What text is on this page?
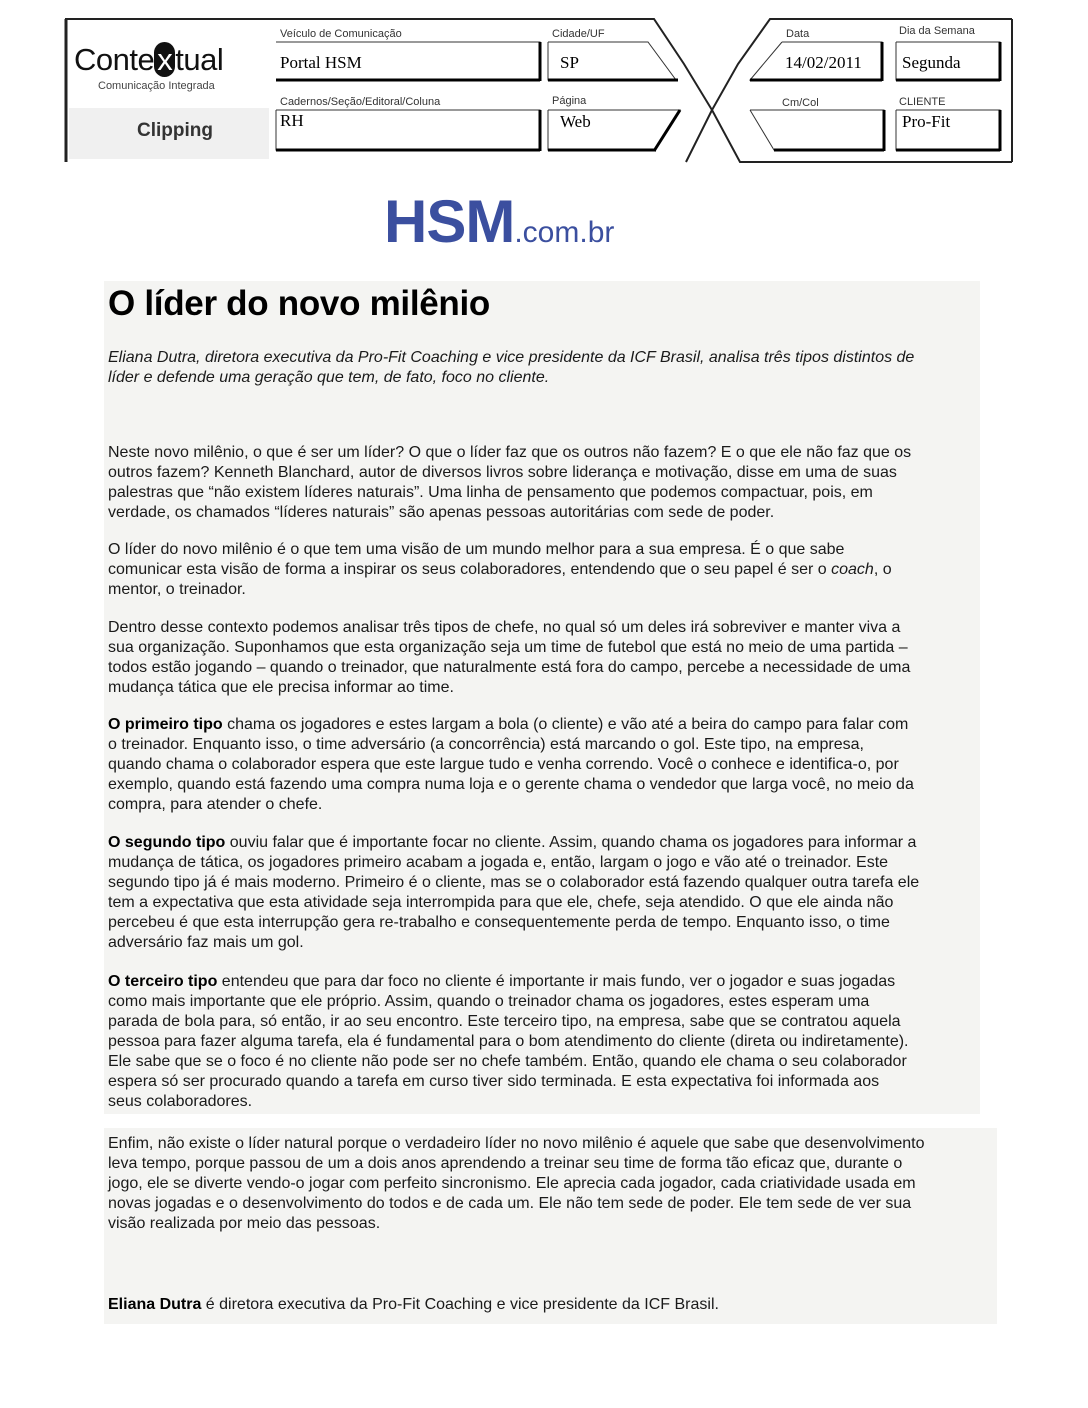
Contextual
Comunicação Integrada
Clipping
Veículo de Comunicação
Portal HSM
Cidade/UF
SP
Data
14/02/2011
Dia da Semana
Segunda
Cadernos/Seção/Editoral/Coluna
RH
Página
Web
Cm/Col	CLIENTE
Pro-Fit
HSM.com.br
O líder do novo milênio
Eliana Dutra, diretora executiva da Pro-Fit Coaching e vice presidente da ICF Brasil, analisa três tipos distintos de
líder e defende uma geração que tem, de fato, foco no cliente.
Neste novo milênio, o que é ser um líder? O que o líder faz que os outros não fazem? E o que ele não faz que os
outros fazem? Kenneth Blanchard, autor de diversos livros sobre liderança e motivação, disse em uma de suas
palestras que “não existem líderes naturais”. Uma linha de pensamento que podemos compactuar, pois, em
verdade, os chamados “líderes naturais” são apenas pessoas autoritárias com sede de poder.
O líder do novo milênio é o que tem uma visão de um mundo melhor para a sua empresa. É o que sabe
comunicar esta visão de forma a inspirar os seus colaboradores, entendendo que o seu papel é ser o coach, o
mentor, o treinador.
Dentro desse contexto podemos analisar três tipos de chefe, no qual só um deles irá sobreviver e manter viva a
sua organização. Suponhamos que esta organização seja um time de futebol que está no meio de uma partida –
todos estão jogando – quando o treinador, que naturalmente está fora do campo, percebe a necessidade de uma
mudança tática que ele precisa informar ao time.
O primeiro tipo chama os jogadores e estes largam a bola (o cliente) e vão até a beira do campo para falar com
o treinador. Enquanto isso, o time adversário (a concorrência) está marcando o gol. Este tipo, na empresa,
quando chama o colaborador espera que este largue tudo e venha correndo. Você o conhece e identifica-o, por
exemplo, quando está fazendo uma compra numa loja e o gerente chama o vendedor que larga você, no meio da
compra, para atender o chefe.
O segundo tipo ouviu falar que é importante focar no cliente. Assim, quando chama os jogadores para informar a
mudança de tática, os jogadores primeiro acabam a jogada e, então, largam o jogo e vão até o treinador. Este
segundo tipo já é mais moderno. Primeiro é o cliente, mas se o colaborador está fazendo qualquer outra tarefa ele
tem a expectativa que esta atividade seja interrompida para que ele, chefe, seja atendido. O que ele ainda não
percebeu é que esta interrupção gera re-trabalho e consequentemente perda de tempo. Enquanto isso, o time
adversário faz mais um gol.
O terceiro tipo entendeu que para dar foco no cliente é importante ir mais fundo, ver o jogador e suas jogadas
como mais importante que ele próprio. Assim, quando o treinador chama os jogadores, estes esperam uma
parada de bola para, só então, ir ao seu encontro. Este terceiro tipo, na empresa, sabe que se contratou aquela
pessoa para fazer alguma tarefa, ela é fundamental para o bom atendimento do cliente (direta ou indiretamente).
Ele sabe que se o foco é no cliente não pode ser no chefe também. Então, quando ele chama o seu colaborador
espera só ser procurado quando a tarefa em curso tiver sido terminada. E esta expectativa foi informada aos
seus colaboradores.
Enfim, não existe o líder natural porque o verdadeiro líder no novo milênio é aquele que sabe que desenvolvimento
leva tempo, porque passou de um a dois anos aprendendo a treinar seu time de forma tão eficaz que, durante o
jogo, ele se diverte vendo-o jogar com perfeito sincronismo. Ele aprecia cada jogador, cada criatividade usada em
novas jogadas e o desenvolvimento do todos e de cada um. Ele não tem sede de poder. Ele tem sede de ver sua
visão realizada por meio das pessoas.
Eliana Dutra é diretora executiva da Pro-Fit Coaching e vice presidente da ICF Brasil.
